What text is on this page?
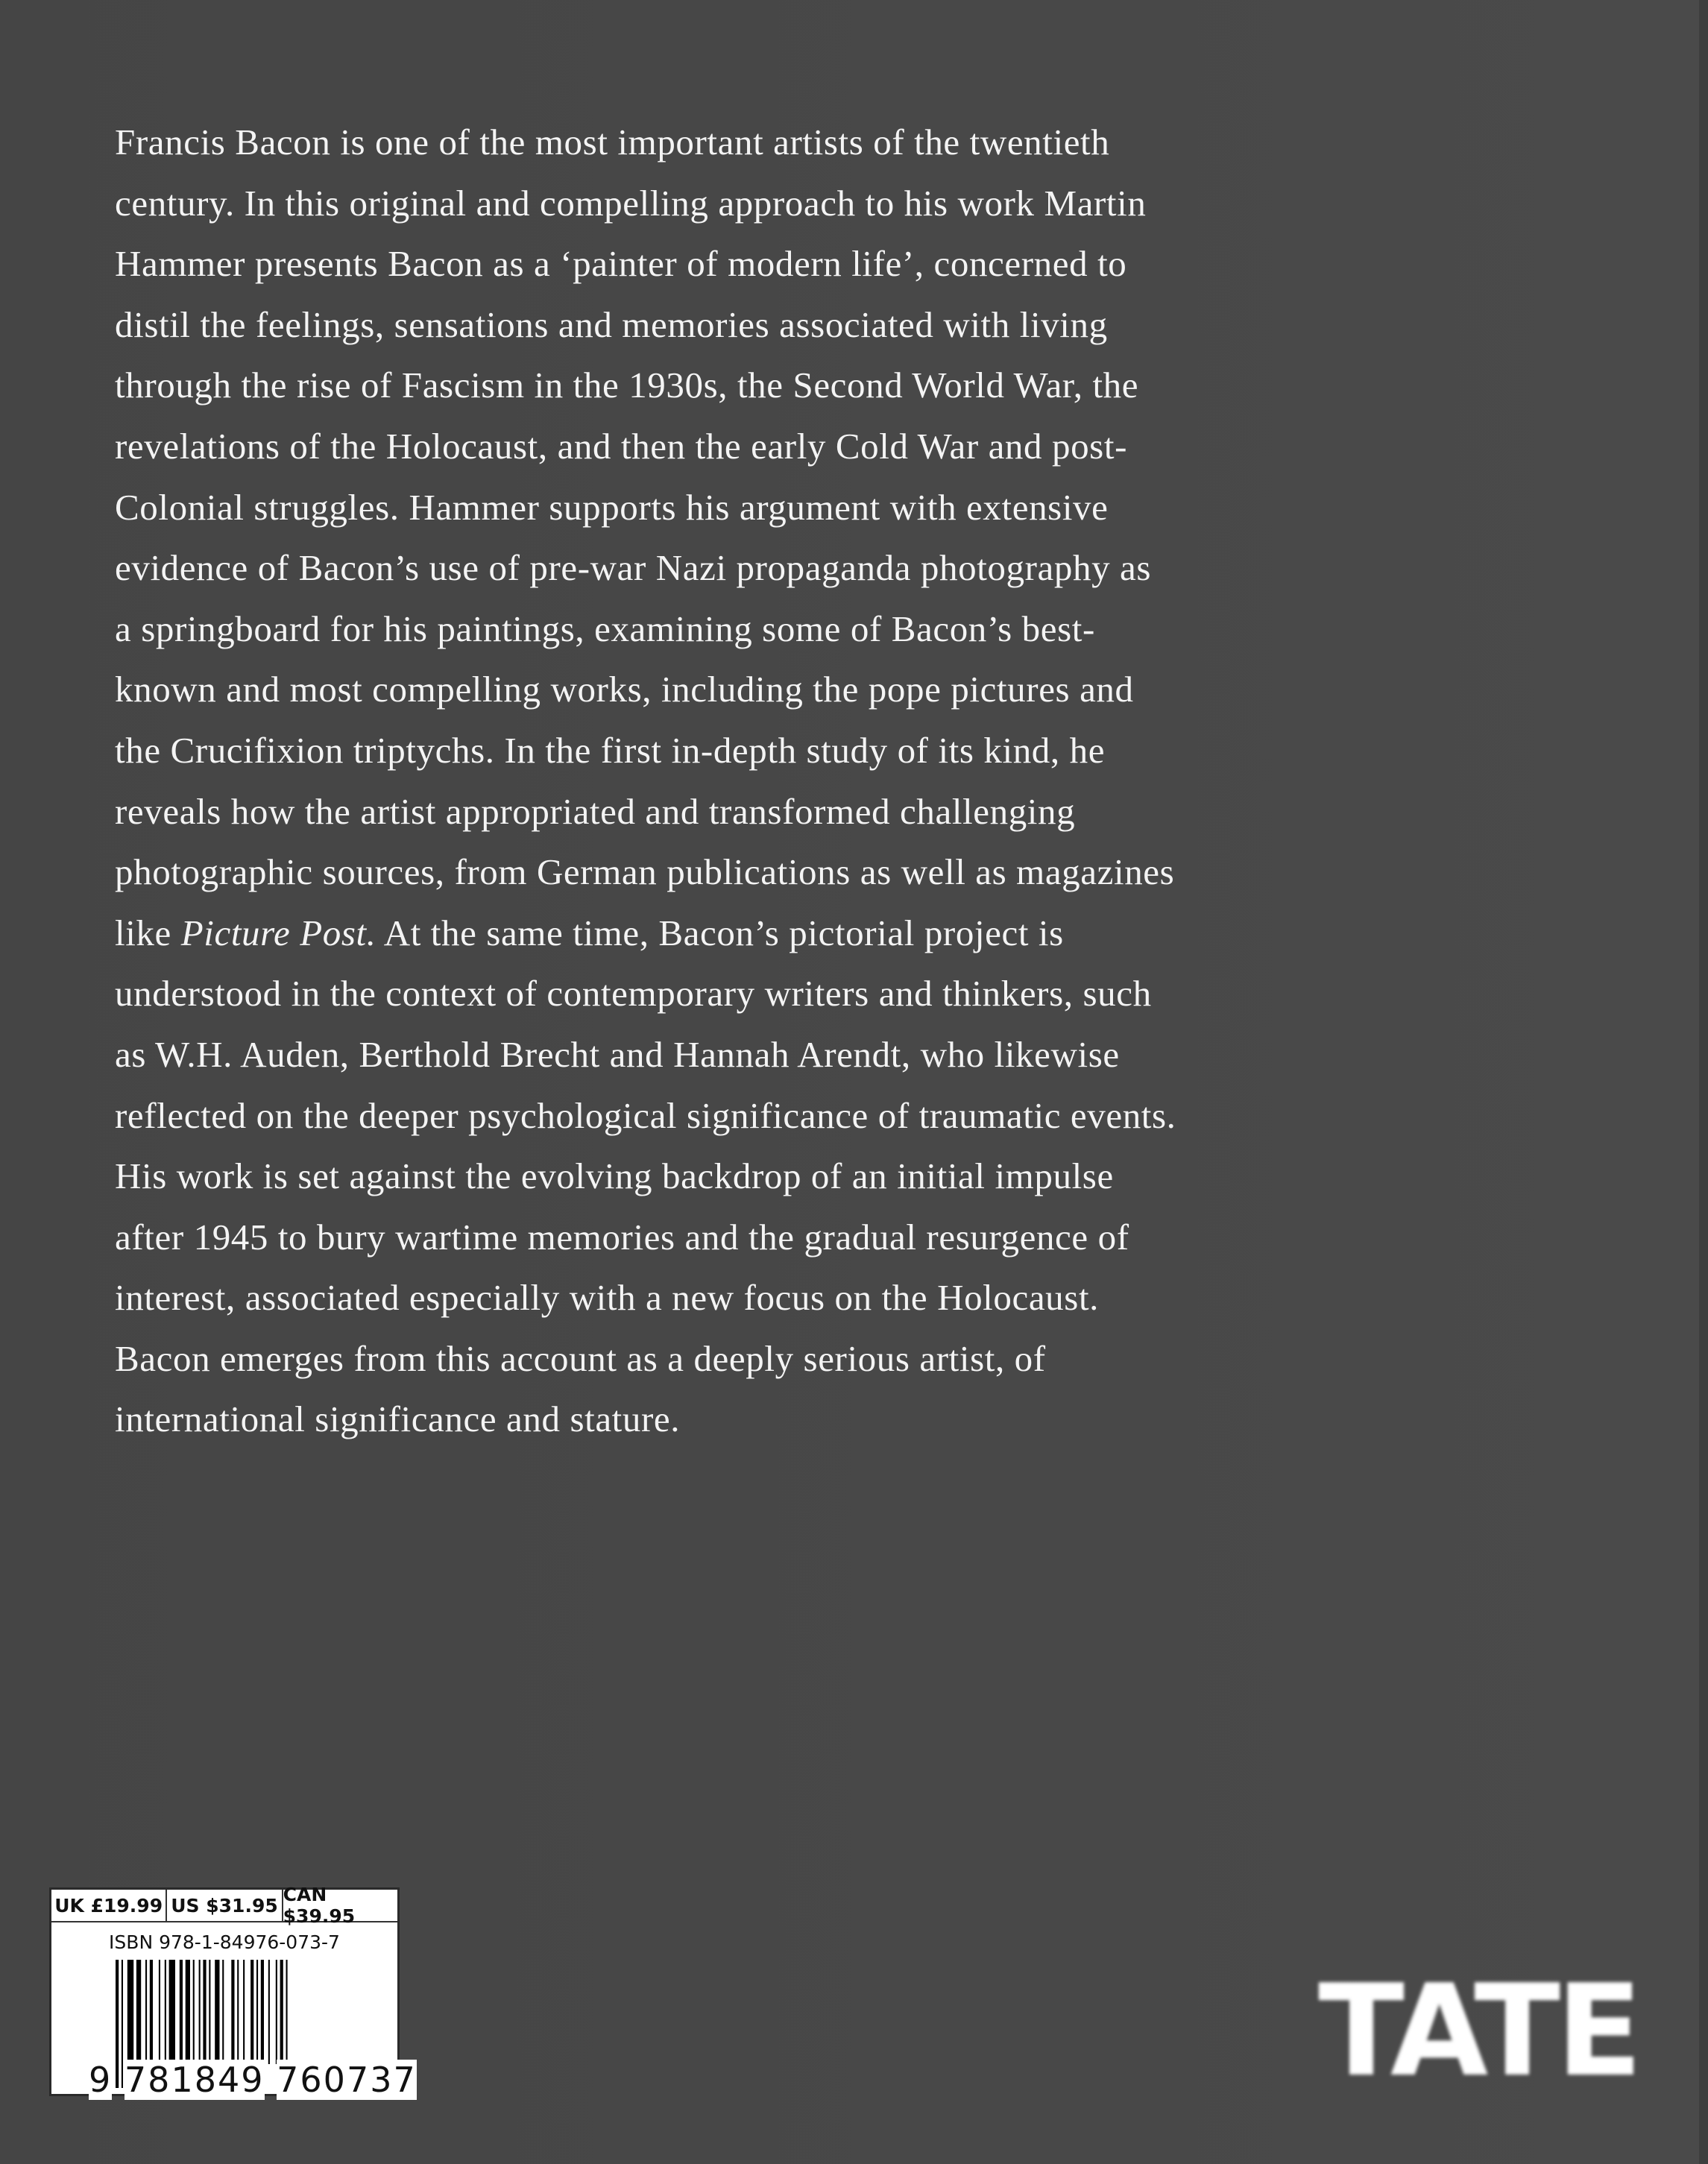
Francis Bacon is one of the most important artists of the twentieth
century. In this original and compelling approach to his work Martin
Hammer presents Bacon as a ‘painter of modern life’, concerned to
distil the feelings, sensations and memories associated with living
through the rise of Fascism in the 1930s, the Second World War, the
revelations of the Holocaust, and then the early Cold War and post-
Colonial struggles. Hammer supports his argument with extensive
evidence of Bacon’s use of pre-war Nazi propaganda photography as
a springboard for his paintings, examining some of Bacon’s best-
known and most compelling works, including the pope pictures and
the Crucifixion triptychs. In the first in-depth study of its kind, he
reveals how the artist appropriated and transformed challenging
photographic sources, from German publications as well as magazines
like Picture Post. At the same time, Bacon’s pictorial project is
understood in the context of contemporary writers and thinkers, such
as W.H. Auden, Berthold Brecht and Hannah Arendt, who likewise
reflected on the deeper psychological significance of traumatic events.
His work is set against the evolving backdrop of an initial impulse
after 1945 to bury wartime memories and the gradual resurgence of
interest, associated especially with a new focus on the Holocaust.
Bacon emerges from this account as a deeply serious artist, of
international significance and stature.
UK £19.99 US $31.95 CAN $39.95
ISBN 978-1-84976-073-7
9 781849 760737	TATE
